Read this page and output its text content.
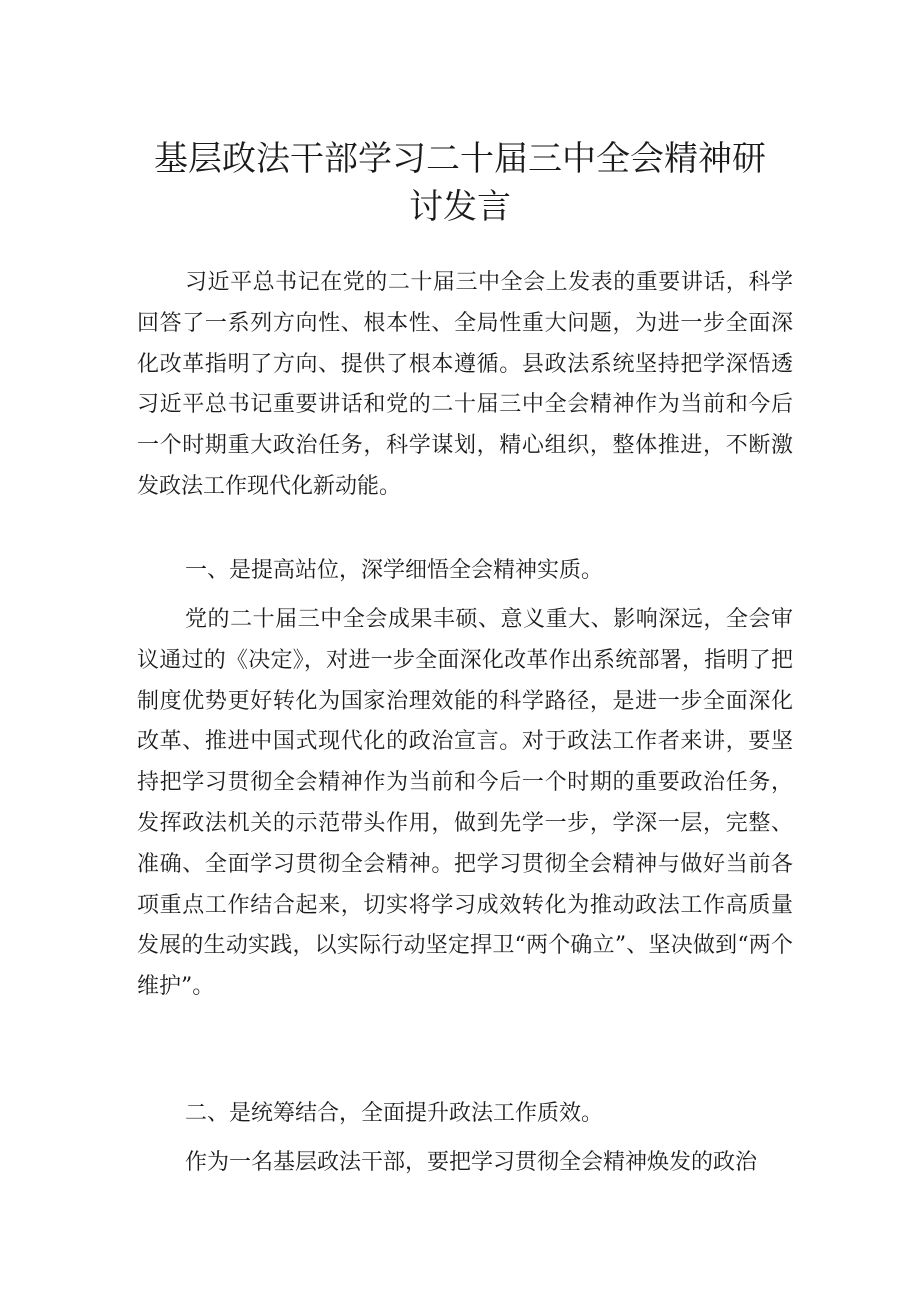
基层政法干部学习二十届三中全会精神研
讨发言

习近平总书记在党的二十届三中全会上发表的重要讲话，科学回答了一系列方向性、根本性、全局性重大问题，为进一步全面深化改革指明了方向、提供了根本遵循。县政法系统坚持把学深悟透习近平总书记重要讲话和党的二十届三中全会精神作为当前和今后一个时期重大政治任务，科学谋划，精心组织，整体推进，不断激发政法工作现代化新动能。

一、是提高站位，深学细悟全会精神实质。

党的二十届三中全会成果丰硕、意义重大、影响深远，全会审议通过的《决定》，对进一步全面深化改革作出系统部署，指明了把制度优势更好转化为国家治理效能的科学路径，是进一步全面深化改革、推进中国式现代化的政治宣言。对于政法工作者来讲，要坚持把学习贯彻全会精神作为当前和今后一个时期的重要政治任务，发挥政法机关的示范带头作用，做到先学一步，学深一层，完整、准确、全面学习贯彻全会精神。把学习贯彻全会精神与做好当前各项重点工作结合起来，切实将学习成效转化为推动政法工作高质量发展的生动实践，以实际行动坚定捍卫“两个确立”、坚决做到“两个维护”。

二、是统筹结合，全面提升政法工作质效。

作为一名基层政法干部，要把学习贯彻全会精神焕发的政治
